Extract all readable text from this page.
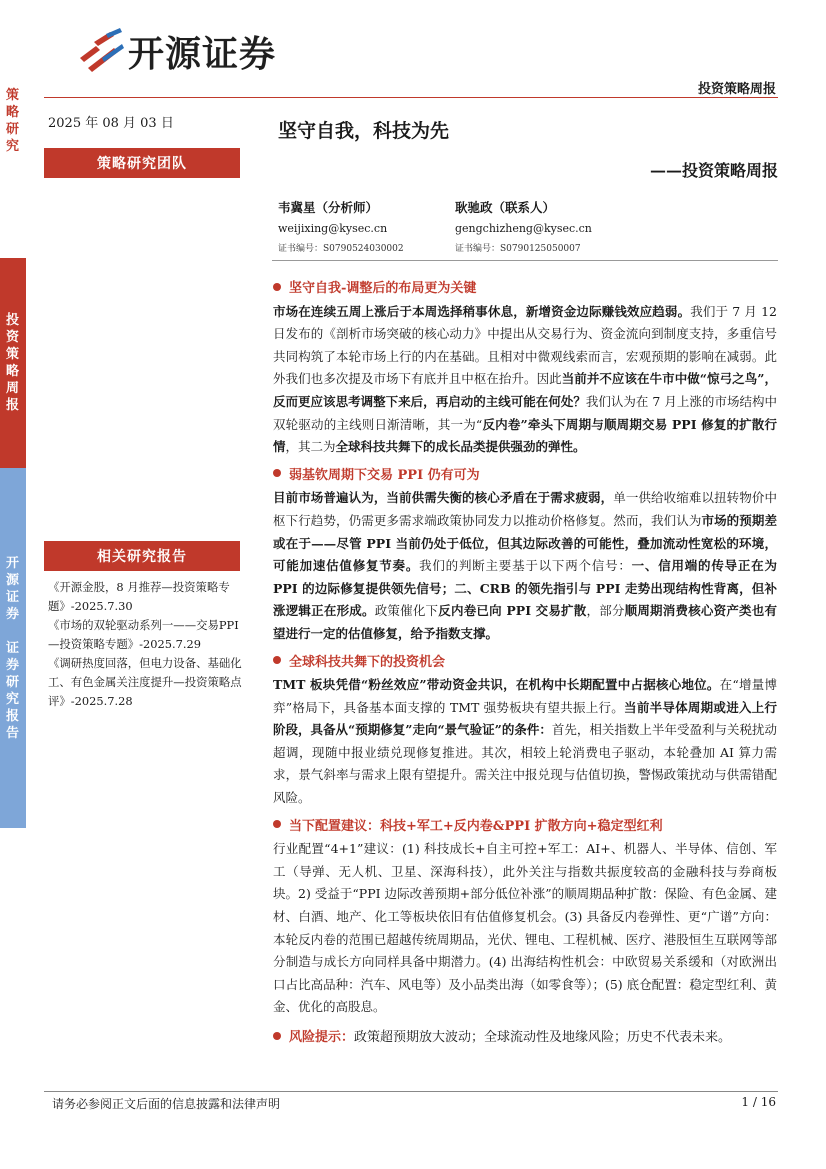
开源证券
投资策略周报
策
略
研
究
投
资
策
略
周
报
开
源
证
券

证
券
研
究
报
告
2025 年 08 月 03 日
策略研究团队
相关研究报告
《开源金股，8 月推荐—投资策略专题》-2025.7.30
《市场的双轮驱动系列一——交易PPI—投资策略专题》-2025.7.29
《调研热度回落，但电力设备、基础化工、有色金属关注度提升—投资策略点评》-2025.7.28
坚守自我，科技为先
——投资策略周报
韦冀星（分析师）
weijixing@kysec.cn
证书编号：S0790524030002
耿驰政（联系人）
gengchizheng@kysec.cn
证书编号：S0790125050007
坚守自我-调整后的布局更为关键
市场在连续五周上涨后于本周选择稍事休息，新增资金边际赚钱效应趋弱。我们于 7 月 12 日发布的《剖析市场突破的核心动力》中提出从交易行为、资金流向到制度支持，多重信号共同构筑了本轮市场上行的内在基础。且相对中微观线索而言，宏观预期的影响在减弱。此外我们也多次提及市场下有底并且中枢在抬升。因此当前并不应该在牛市中做“惊弓之鸟”，反而更应该思考调整下来后，再启动的主线可能在何处？我们认为在 7 月上涨的市场结构中双轮驱动的主线则日渐清晰，其一为“反内卷”牵头下周期与顺周期交易 PPI 修复的扩散行情，其二为全球科技共舞下的成长品类提供强劲的弹性。
弱基钦周期下交易 PPI 仍有可为
目前市场普遍认为，当前供需失衡的核心矛盾在于需求疲弱，单一供给收缩难以扭转物价中枢下行趋势，仍需更多需求端政策协同发力以推动价格修复。然而，我们认为市场的预期差或在于——尽管 PPI 当前仍处于低位，但其边际改善的可能性，叠加流动性宽松的环境，可能加速估值修复节奏。我们的判断主要基于以下两个信号：一、信用端的传导正在为 PPI 的边际修复提供领先信号；二、CRB 的领先指引与 PPI 走势出现结构性背离，但补涨逻辑正在形成。政策催化下反内卷已向 PPI 交易扩散，部分顺周期消费核心资产类也有望进行一定的估值修复，给予指数支撑。
全球科技共舞下的投资机会
TMT 板块凭借“粉丝效应”带动资金共识，在机构中长期配置中占据核心地位。在“增量博弈”格局下，具备基本面支撑的 TMT 强势板块有望共振上行。当前半导体周期或进入上行阶段，具备从“预期修复”走向“景气验证”的条件：首先，相关指数上半年受盈利与关税扰动超调，现随中报业绩兑现修复推进。其次，相较上轮消费电子驱动，本轮叠加 AI 算力需求，景气斜率与需求上限有望提升。需关注中报兑现与估值切换，警惕政策扰动与供需错配风险。
当下配置建议：科技+军工+反内卷&PPI 扩散方向+稳定型红利
行业配置“4+1”建议：(1) 科技成长+自主可控+军工：AI+、机器人、半导体、信创、军工（导弹、无人机、卫星、深海科技），此外关注与指数共振度较高的金融科技与券商板块。2) 受益于“PPI 边际改善预期+部分低位补涨”的顺周期品种扩散：保险、有色金属、建材、白酒、地产、化工等板块依旧有估值修复机会。(3) 具备反内卷弹性、更“广谱”方向：本轮反内卷的范围已超越传统周期品，光伏、锂电、工程机械、医疗、港股恒生互联网等部分制造与成长方向同样具备中期潜力。(4) 出海结构性机会：中欧贸易关系缓和（对欧洲出口占比高品种：汽车、风电等）及小品类出海（如零食等）；(5) 底仓配置：稳定型红利、黄金、优化的高股息。
风险提示：政策超预期放大波动；全球流动性及地缘风险；历史不代表未来。
请务必参阅正文后面的信息披露和法律声明	1 / 16
